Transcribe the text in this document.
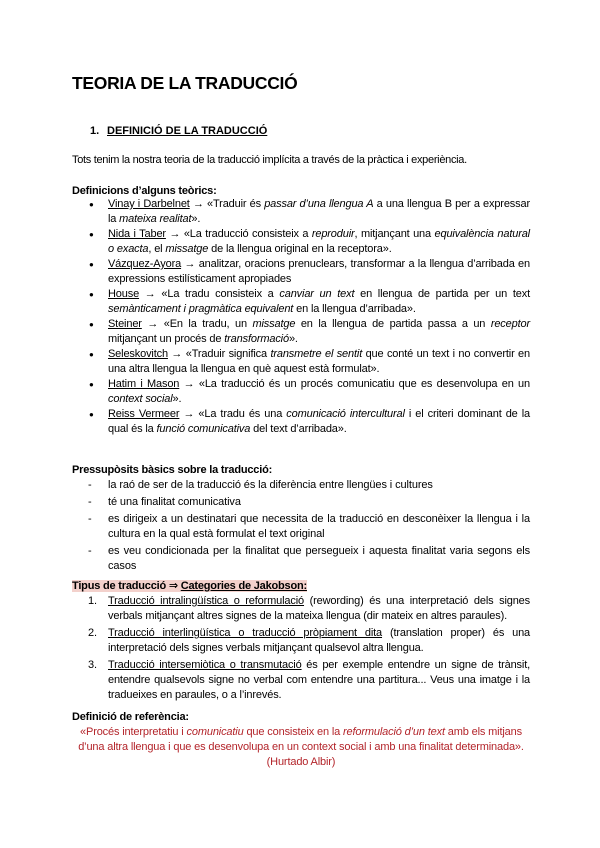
TEORIA DE LA TRADUCCIÓ
1. DEFINICIÓ DE LA TRADUCCIÓ

Tots tenim la nostra teoria de la traducció implícita a través de la pràctica i experiència.

Definicions d’alguns teòrics:
● Vinay i Darbelnet → «Traduir és passar d’una llengua A a una llengua B per a expressar la mateixa realitat».
● Nida i Taber → «La traducció consisteix a reproduir, mitjançant una equivalència natural o exacta, el missatge de la llengua original en la receptora».
● Vázquez-Ayora → analitzar, oracions prenuclears, transformar a la llengua d’arribada en expressions estilísticament apropiades
● House → «La tradu consisteix a canviar un text en llengua de partida per un text semànticament i pragmàtica equivalent en la llengua d’arribada».
● Steiner → «En la tradu, un missatge en la llengua de partida passa a un receptor mitjançant un procés de transformació».
● Seleskovitch → «Traduir significa transmetre el sentit que conté un text i no convertir en una altra llengua la llengua en què aquest està formulat».
● Hatim i Mason → «La traducció és un procés comunicatiu que es desenvolupa en un context social».
● Reiss Vermeer → «La tradu és una comunicació intercultural i el criteri dominant de la qual és la funció comunicativa del text d’arribada».
Pressupòsits bàsics sobre la traducció:
- la raó de ser de la traducció és la diferència entre llengües i cultures
- té una finalitat comunicativa
- es dirigeix a un destinatari que necessita de la traducció en desconèixer la llengua i la cultura en la qual està formulat el text original
- es veu condicionada per la finalitat que persegueix i aquesta finalitat varia segons els casos
Tipus de traducció ⇒ Categories de Jakobson:
1. Traducció intralingüística o reformulació (rewording) és una interpretació dels signes verbals mitjançant altres signes de la mateixa llengua (dir mateix en altres paraules).
2. Traducció interlingüística o traducció pròpiament dita (translation proper) és una interpretació dels signes verbals mitjançant qualsevol altra llengua.
3. Traducció intersemiòtica o transmutació és per exemple entendre un signe de trànsit, entendre qualsevols signe no verbal com entendre una partitura... Veus una imatge i la tradueixes en paraules, o a l’inrevés.
Definició de referència:

«Procés interpretatiu i comunicatiu que consisteix en la reformulació d’un text amb els mitjans d’una altra llengua i que es desenvolupa en un context social i amb una finalitat determinada». (Hurtado Albir)
